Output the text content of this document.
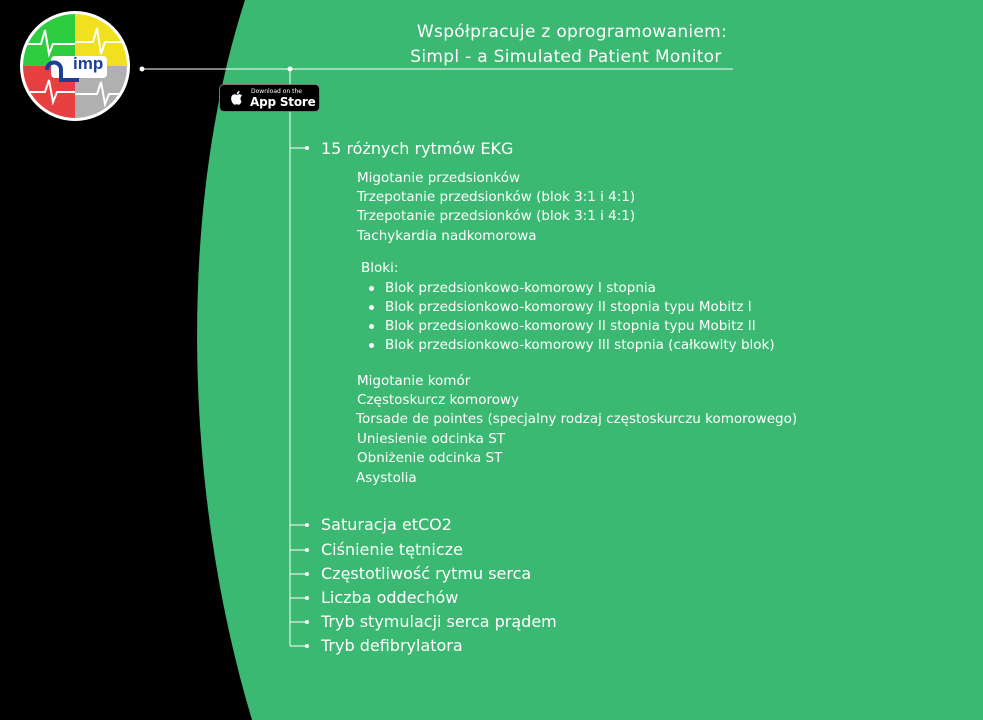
imp
Współpracuje z oprogramowaniem:
Simpl - a Simulated Patient Monitor
Download on the
App Store
15 różnych rytmów EKG
Migotanie przedsionków
Trzepotanie przedsionków (blok 3:1 i 4:1)
Trzepotanie przedsionków (blok 3:1 i 4:1)
Tachykardia nadkomorowa
Bloki:
Blok przedsionkowo-komorowy I stopnia
Blok przedsionkowo-komorowy II stopnia typu Mobitz I
Blok przedsionkowo-komorowy II stopnia typu Mobitz II
Blok przedsionkowo-komorowy III stopnia (całkowity blok)
Migotanie komór
Częstoskurcz komorowy
Torsade de pointes (specjalny rodzaj częstoskurczu komorowego)
Uniesienie odcinka ST
Obniżenie odcinka ST
Asystolia
Saturacja etCO2
Ciśnienie tętnicze
Częstotliwość rytmu serca
Liczba oddechów
Tryb stymulacji serca prądem
Tryb defibrylatora
